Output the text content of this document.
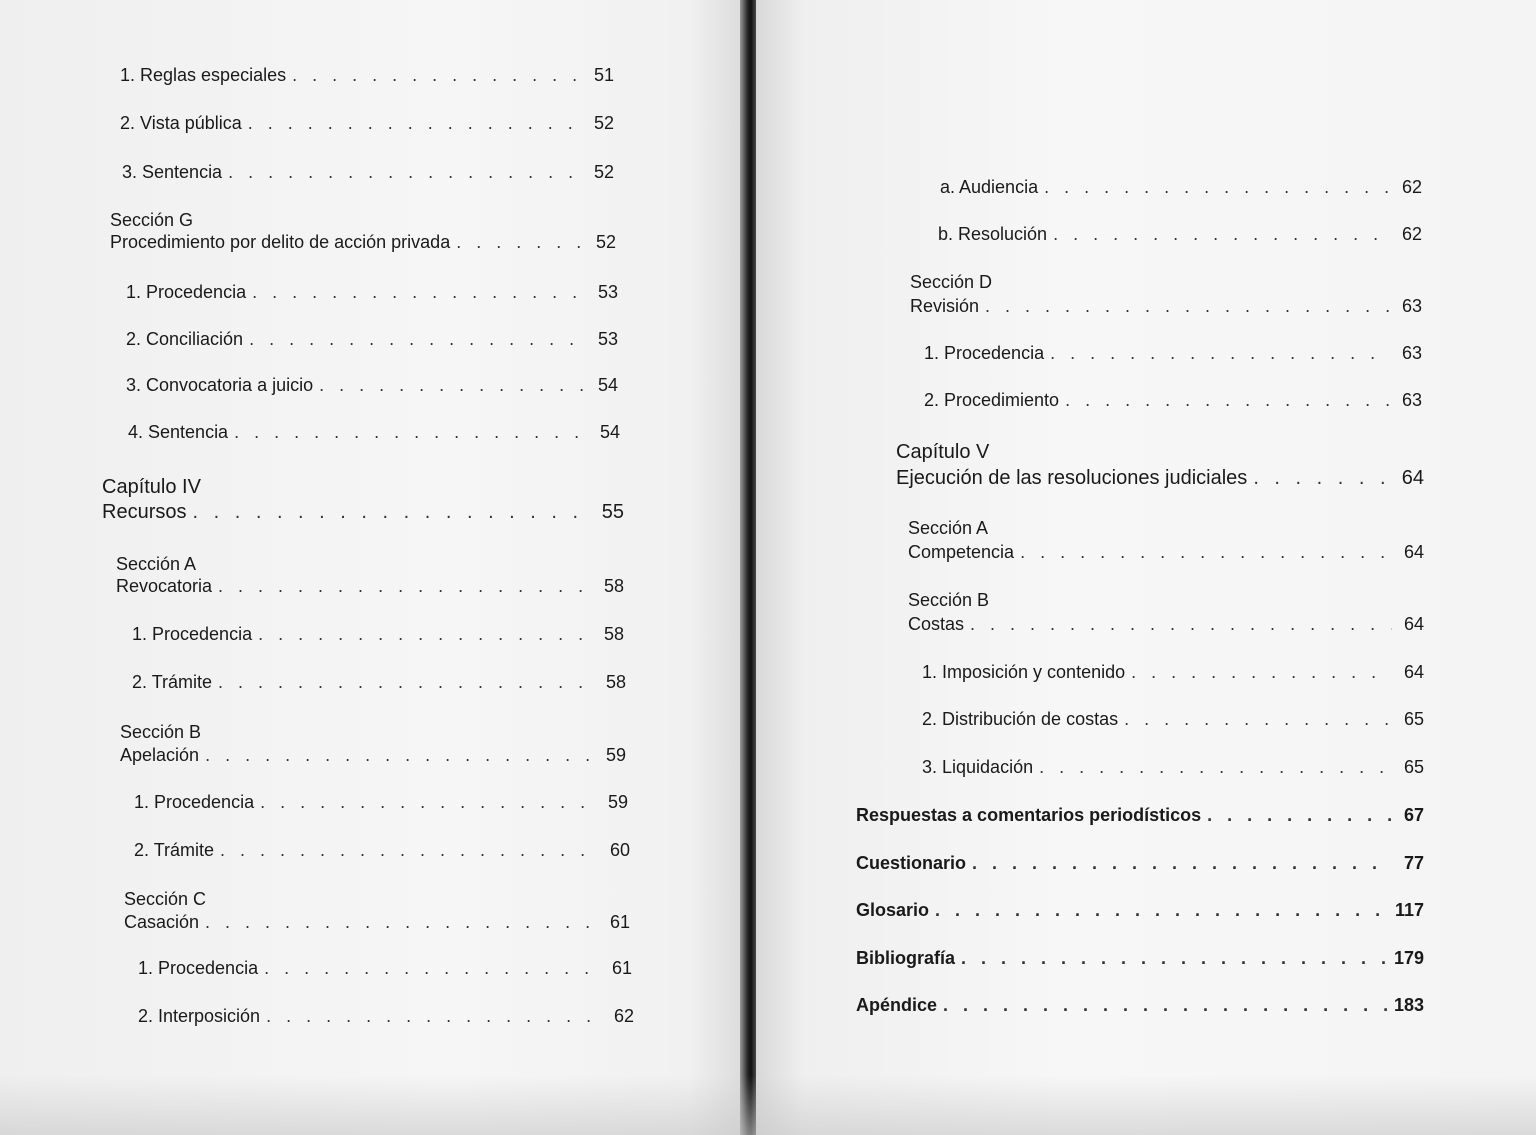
1. Reglas especiales . . .	51
2. Vista pública . . .	52
3. Sentencia . . .	52
Sección G
Procedimiento por delito de acción privada . . .	52
1. Procedencia . . .	53
2. Conciliación . . .	53
3. Convocatoria a juicio . . .	54
4. Sentencia . . .	54
Capítulo IV
Recursos . . .	55
Sección A
Revocatoria . . .	58
1. Procedencia . . .	58
2. Trámite . . .	58
Sección B
Apelación . . .	59
1. Procedencia . . .	59
2. Trámite . . .	60
Sección C
Casación . . .	61
1. Procedencia . . .	61
2. Interposición . . .	62
a. Audiencia . . .	62
b. Resolución . . .	62
Sección D
Revisión . . .	63
1. Procedencia . . .	63
2. Procedimiento . . .	63
Capítulo V
Ejecución de las resoluciones judiciales . . .	64
Sección A
Competencia . . .	64
Sección B
Costas . . .	64
1. Imposición y contenido . . .	64
2. Distribución de costas . . .	65
3. Liquidación . . .	65
Respuestas a comentarios periodísticos . . .	67
Cuestionario . . .	77
Glosario . . .	117
Bibliografía . . .	179
Apéndice . . .	183
